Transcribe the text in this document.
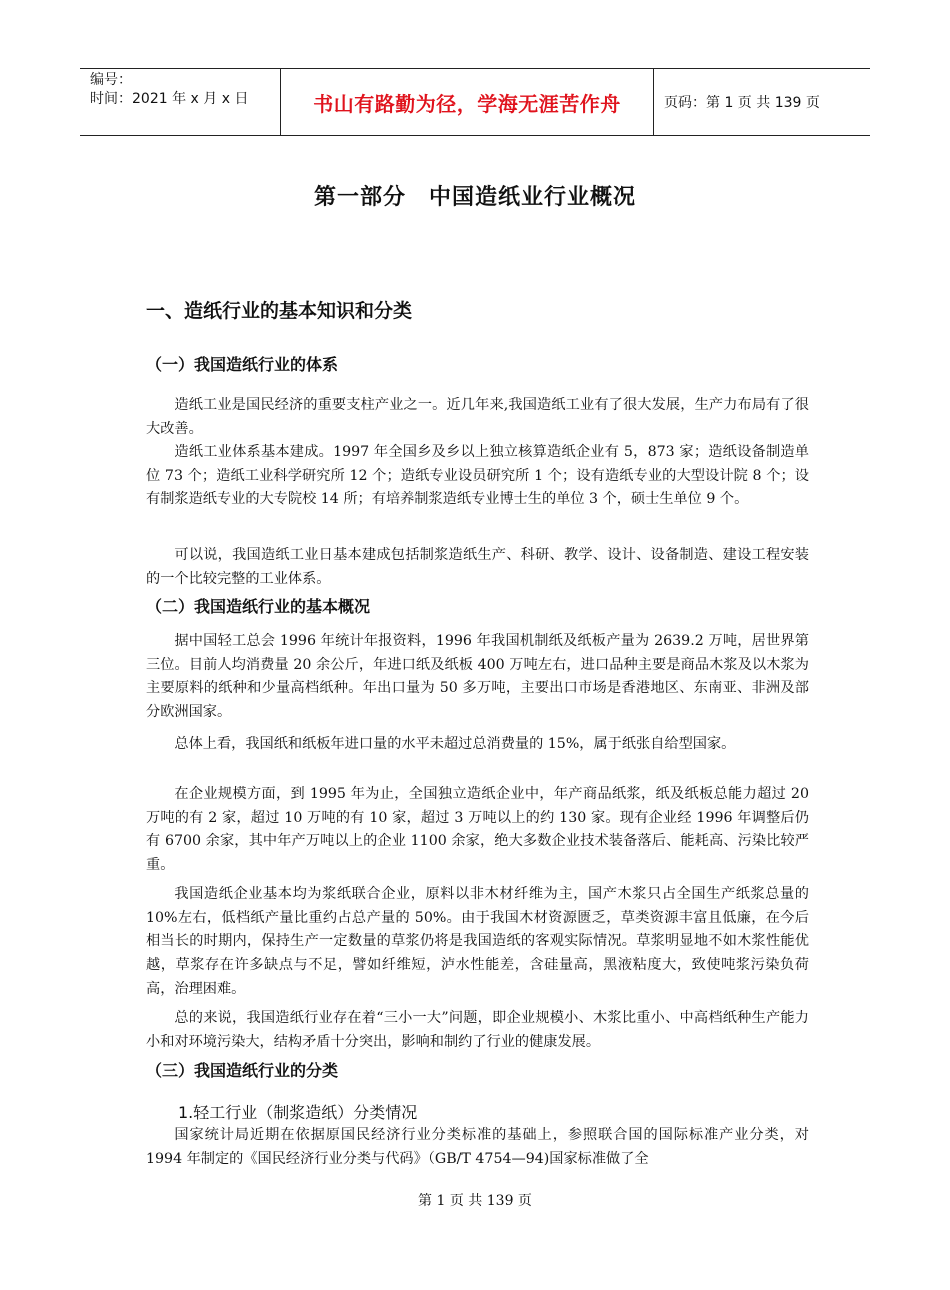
编号：
时间：2021 年 x 月 x 日	书山有路勤为径，学海无涯苦作舟	页码：第 1 页 共 139 页
第一部分　中国造纸业行业概况
一、造纸行业的基本知识和分类
（一）我国造纸行业的体系

造纸工业是国民经济的重要支柱产业之一。近几年来,我国造纸工业有了很大发展，生产力布局有了很大改善。

造纸工业体系基本建成。1997 年全国乡及乡以上独立核算造纸企业有 5，873 家；造纸设备制造单位 73 个；造纸工业科学研究所 12 个；造纸专业设员研究所 1 个；设有造纸专业的大型设计院 8 个；设有制浆造纸专业的大专院校 14 所；有培养制浆造纸专业博士生的单位 3 个，硕士生单位 9 个。

可以说，我国造纸工业日基本建成包括制浆造纸生产、科研、教学、设计、设备制造、建设工程安装的一个比较完整的工业体系。

（二）我国造纸行业的基本概况

据中国轻工总会 1996 年统计年报资料，1996 年我国机制纸及纸板产量为 2639.2 万吨，居世界第三位。目前人均消费量 20 余公斤，年进口纸及纸板 400 万吨左右，进口品种主要是商品木浆及以木浆为主要原料的纸种和少量高档纸种。年出口量为 50 多万吨，主要出口市场是香港地区、东南亚、非洲及部分欧洲国家。

总体上看，我国纸和纸板年进口量的水平未超过总消费量的 15%，属于纸张自给型国家。

在企业规模方面，到 1995 年为止，全国独立造纸企业中，年产商品纸浆，纸及纸板总能力超过 20 万吨的有 2 家，超过 10 万吨的有 10 家，超过 3 万吨以上的约 130 家。现有企业经 1996 年调整后仍有 6700 余家，其中年产万吨以上的企业 1100 余家，绝大多数企业技术装备落后、能耗高、污染比较严重。

我国造纸企业基本均为浆纸联合企业，原料以非木材纤维为主，国产木浆只占全国生产纸浆总量的 10%左右，低档纸产量比重约占总产量的 50%。由于我国木材资源匮乏，草类资源丰富且低廉，在今后相当长的时期内，保持生产一定数量的草浆仍将是我国造纸的客观实际情况。草浆明显地不如木浆性能优越，草浆存在许多缺点与不足，譬如纤维短，泸水性能差，含硅量高，黑液粘度大，致使吨浆污染负荷高，治理困难。

总的来说，我国造纸行业存在着“三小一大”问题，即企业规模小、木浆比重小、中高档纸种生产能力小和对环境污染大，结构矛盾十分突出，影响和制约了行业的健康发展。

（三）我国造纸行业的分类
1.轻工行业（制浆造纸）分类情况

国家统计局近期在依据原国民经济行业分类标准的基础上，参照联合国的国际标准产业分类，对 1994 年制定的《国民经济行业分类与代码》（GB/T 4754—94)国家标准做了全

第 1 页 共 139 页
